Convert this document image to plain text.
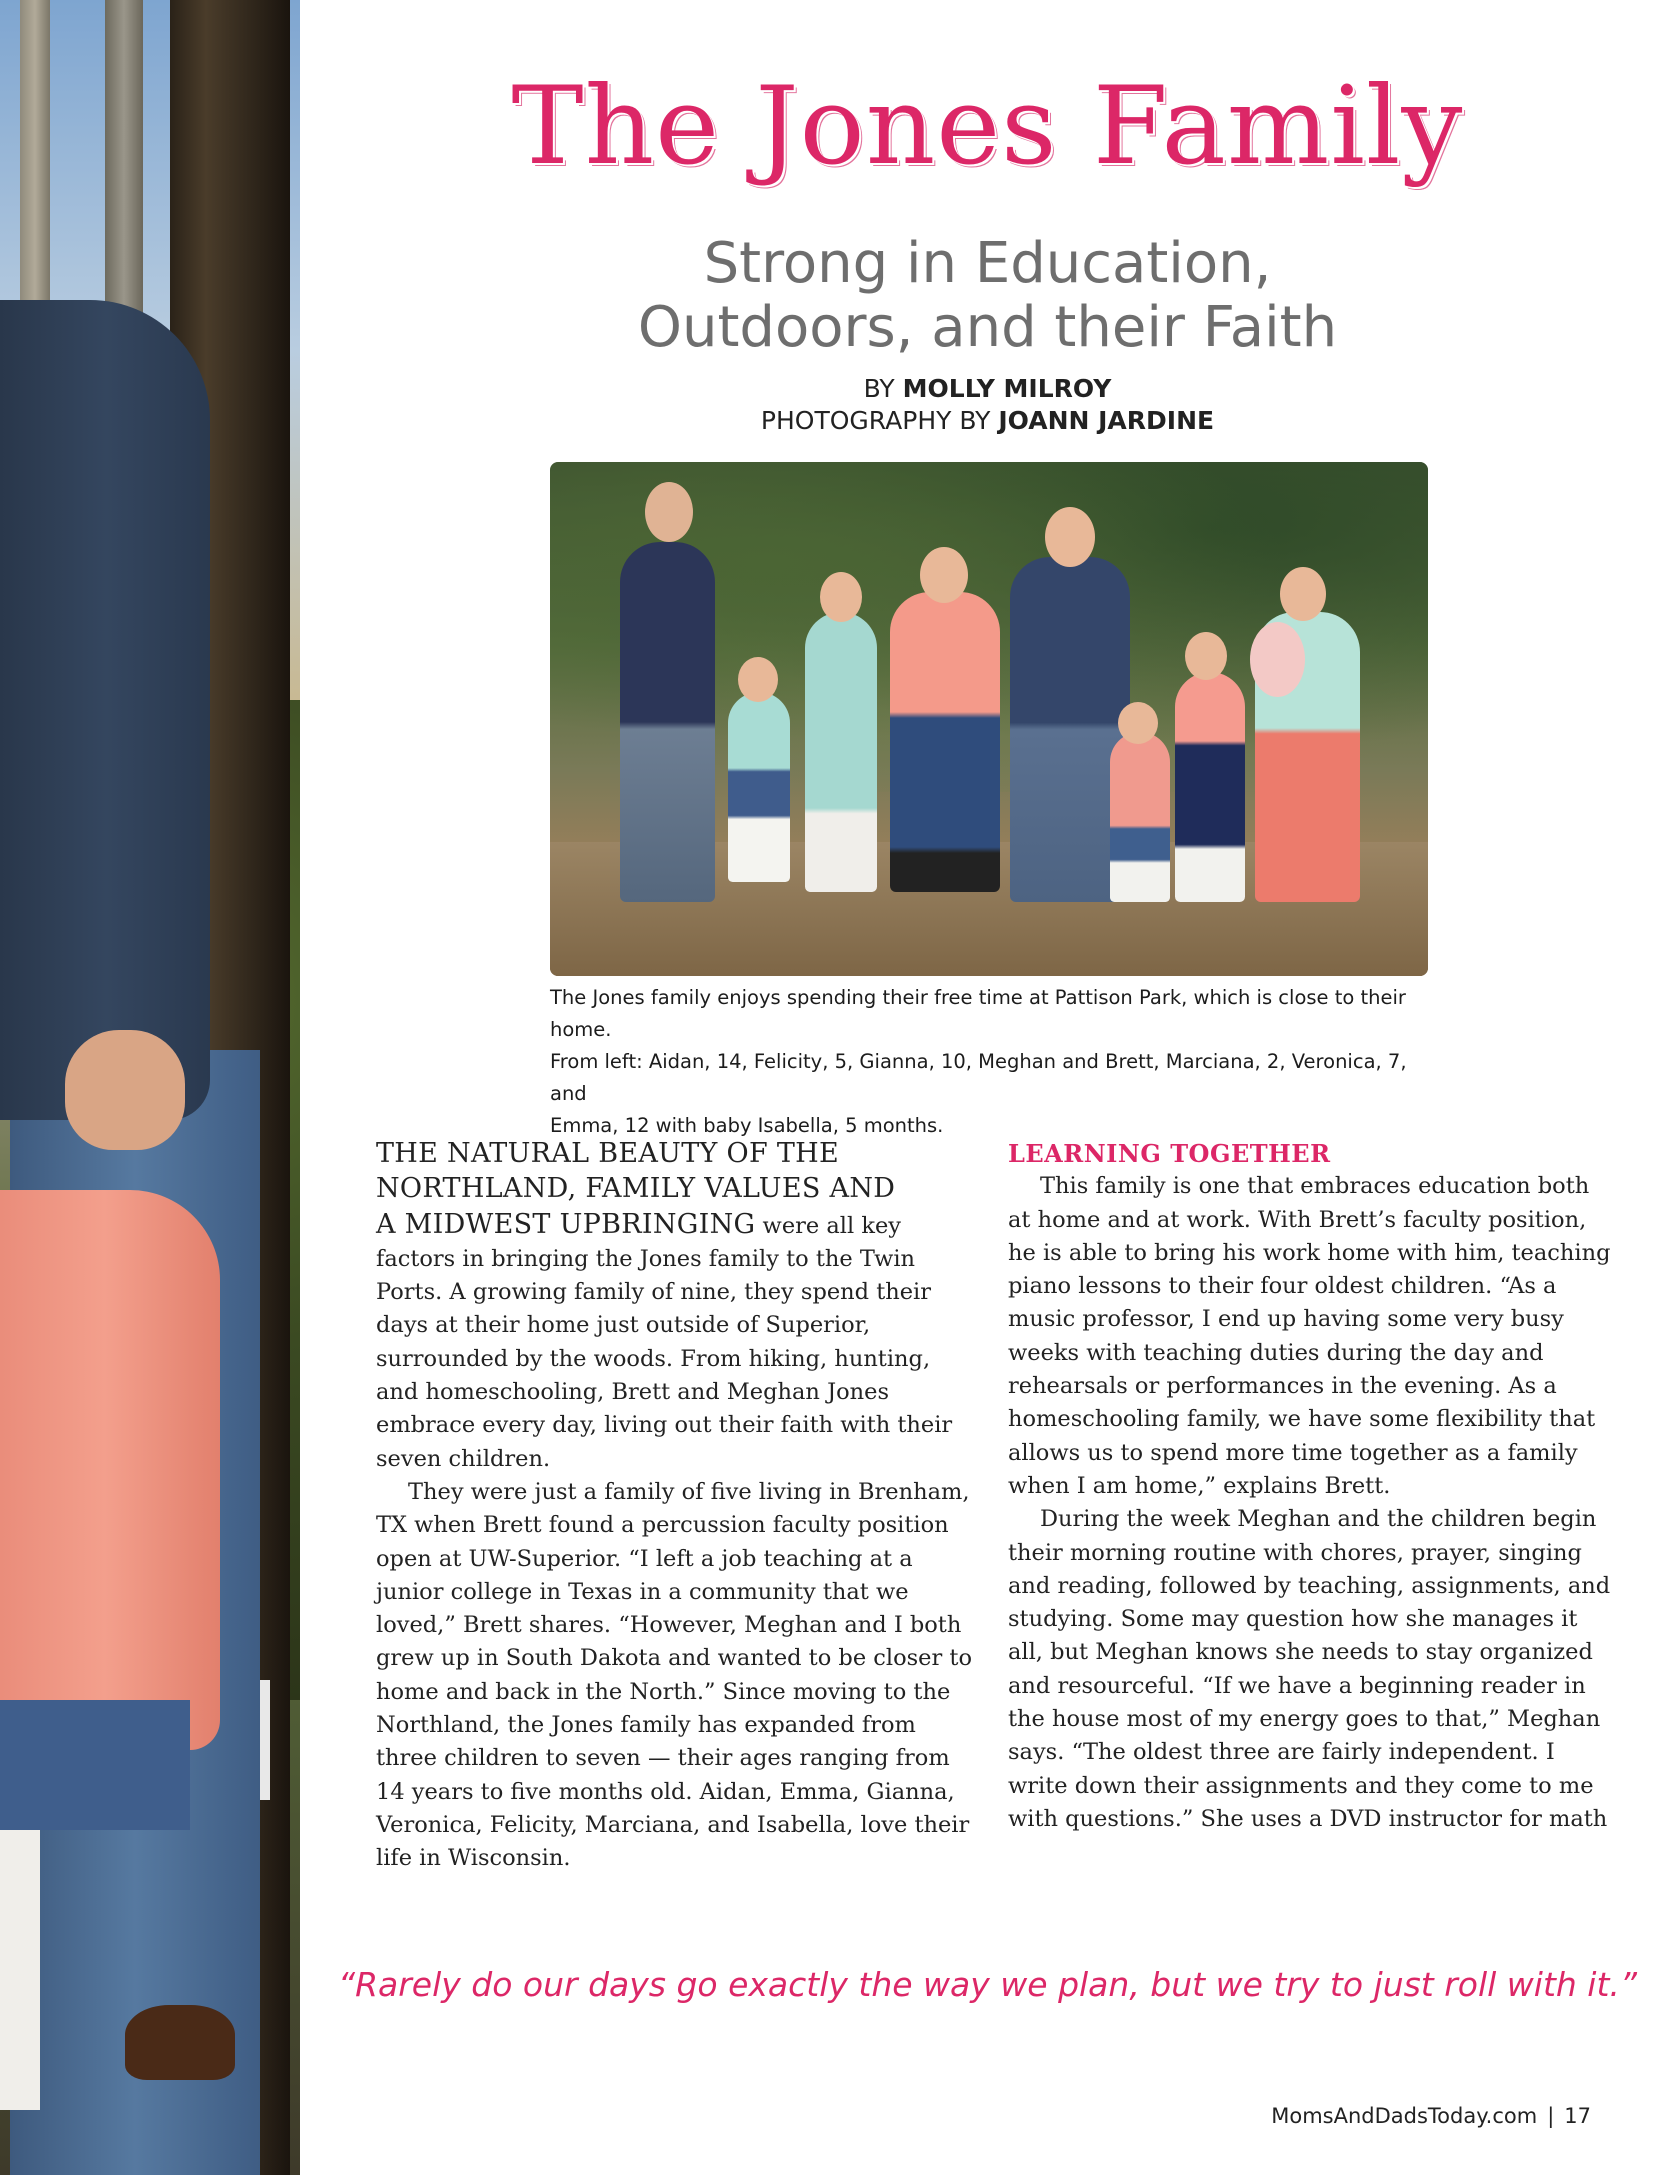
The Jones Family
Strong in Education,
Outdoors, and their Faith
BY MOLLY MILROY
PHOTOGRAPHY BY JOANN JARDINE

The Jones family enjoys spending their free time at Pattison Park, which is close to their home.

From left: Aidan, 14, Felicity, 5, Gianna, 10, Meghan and Brett, Marciana, 2, Veronica, 7, and

Emma, 12 with baby Isabella, 5 months.

THE NATURAL BEAUTY OF THE
NORTHLAND, FAMILY VALUES AND
A MIDWEST UPBRINGING were all key factors in bringing the Jones family to the Twin Ports. A growing family of nine, they spend their days at their home just outside of Superior, surrounded by the woods. From hiking, hunting, and homeschooling, Brett and Meghan Jones embrace every day, living out their faith with their seven children.

They were just a family of five living in Brenham, TX when Brett found a percussion faculty position open at UW-Superior. “I left a job teaching at a junior college in Texas in a community that we loved,” Brett shares. “However, Meghan and I both grew up in South Dakota and wanted to be closer to home and back in the North.” Since moving to the Northland, the Jones family has expanded from three children to seven — their ages ranging from 14 years to five months old. Aidan, Emma, Gianna, Veronica, Felicity, Marciana, and Isabella, love their life in Wisconsin.

LEARNING TOGETHER

This family is one that embraces education both at home and at work. With Brett’s faculty position, he is able to bring his work home with him, teaching piano lessons to their four oldest children. “As a music professor, I end up having some very busy weeks with teaching duties during the day and rehearsals or performances in the evening. As a homeschooling family, we have some flexibility that allows us to spend more time together as a family when I am home,” explains Brett.

During the week Meghan and the children begin their morning routine with chores, prayer, singing and reading, followed by teaching, assignments, and studying. Some may question how she manages it all, but Meghan knows she needs to stay organized and resourceful. “If we have a beginning reader in the house most of my energy goes to that,” Meghan says. “The oldest three are fairly independent. I write down their assignments and they come to me with questions.” She uses a DVD instructor for math

“Rarely do our days go exactly the way we plan, but we try to just roll with it.”
MomsAndDadsToday.com | 17
